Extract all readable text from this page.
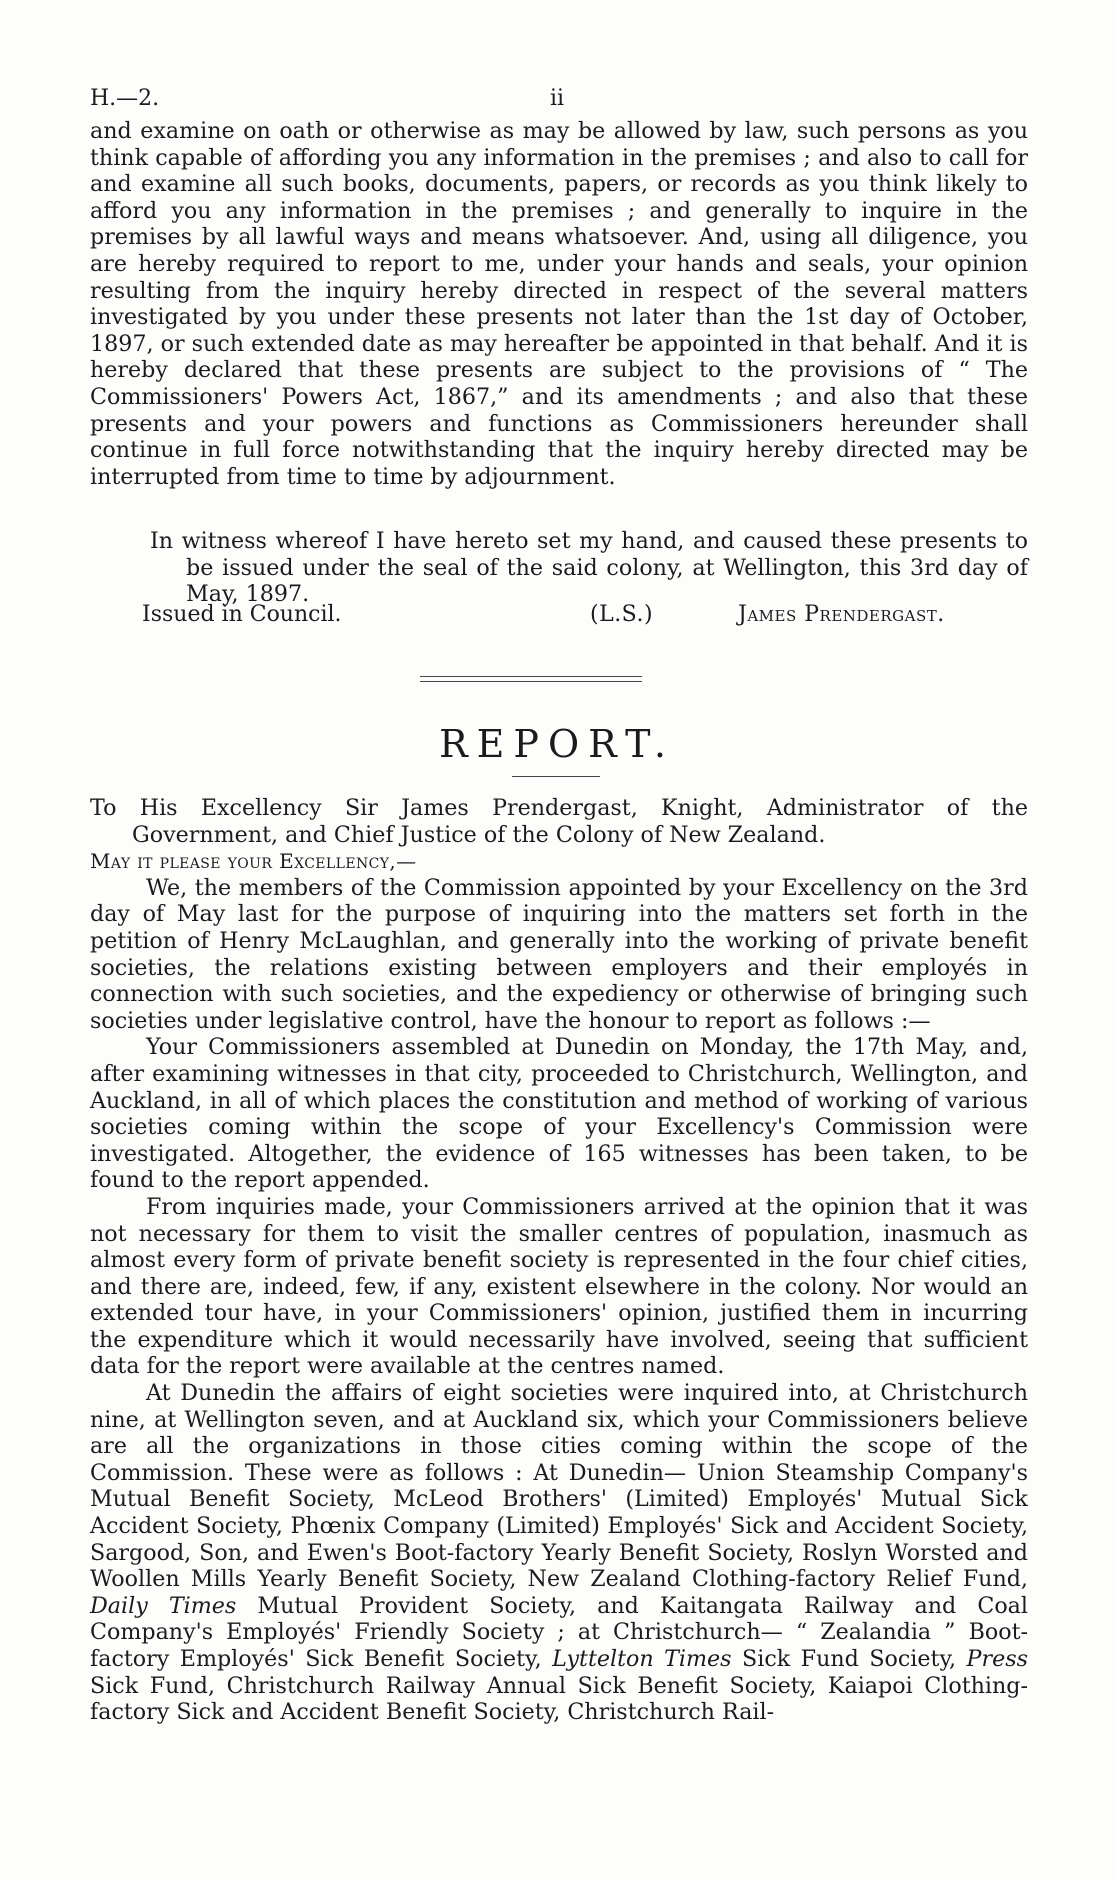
H.—2.	ii

and examine on oath or otherwise as may be allowed by law, such persons as you think capable of affording you any information in the premises ; and also to call for and examine all such books, documents, papers, or records as you think likely to afford you any information in the premises ; and generally to inquire in the premises by all lawful ways and means whatsoever. And, using all diligence, you are hereby required to report to me, under your hands and seals, your opinion resulting from the inquiry hereby directed in respect of the several matters investigated by you under these presents not later than the 1st day of October, 1897, or such extended date as may hereafter be appointed in that behalf. And it is hereby declared that these presents are subject to the provisions of “ The Commissioners' Powers Act, 1867,” and its amendments ; and also that these presents and your powers and functions as Commissioners hereunder shall continue in full force notwithstanding that the inquiry hereby directed may be interrupted from time to time by adjournment.

In witness whereof I have hereto set my hand, and caused these presents to be issued under the seal of the said colony, at Wellington, this 3rd day of May, 1897.

Issued in Council.	(L.S.)	James Prendergast.
REPORT.

To His Excellency Sir James Prendergast, Knight, Administrator of the Government, and Chief Justice of the Colony of New Zealand.

May it please your Excellency,—

We, the members of the Commission appointed by your Excellency on the 3rd day of May last for the purpose of inquiring into the matters set forth in the petition of Henry McLaughlan, and generally into the working of private benefit societies, the relations existing between employers and their employés in connection with such societies, and the expediency or otherwise of bringing such societies under legislative control, have the honour to report as follows :—

Your Commissioners assembled at Dunedin on Monday, the 17th May, and, after examining witnesses in that city, proceeded to Christchurch, Wellington, and Auckland, in all of which places the constitution and method of working of various societies coming within the scope of your Excellency's Commission were investigated. Altogether, the evidence of 165 witnesses has been taken, to be found to the report appended.

From inquiries made, your Commissioners arrived at the opinion that it was not necessary for them to visit the smaller centres of population, inasmuch as almost every form of private benefit society is represented in the four chief cities, and there are, indeed, few, if any, existent elsewhere in the colony. Nor would an extended tour have, in your Commissioners' opinion, justified them in incurring the expenditure which it would necessarily have involved, seeing that sufficient data for the report were available at the centres named.

At Dunedin the affairs of eight societies were inquired into, at Christchurch nine, at Wellington seven, and at Auckland six, which your Commissioners believe are all the organizations in those cities coming within the scope of the Commission. These were as follows : At Dunedin— Union Steamship Company's Mutual Benefit Society, McLeod Brothers' (Limited) Employés' Mutual Sick Accident Society, Phœnix Company (Limited) Employés' Sick and Accident Society, Sargood, Son, and Ewen's Boot-factory Yearly Benefit Society, Roslyn Worsted and Woollen Mills Yearly Benefit Society, New Zealand Clothing-factory Relief Fund, Daily Times Mutual Provident Society, and Kaitangata Railway and Coal Company's Employés' Friendly Society ; at Christchurch— “ Zealandia ” Boot-factory Employés' Sick Benefit Society, Lyttelton Times Sick Fund Society, Press Sick Fund, Christchurch Railway Annual Sick Benefit Society, Kaiapoi Clothing-factory Sick and Accident Benefit Society, Christchurch Rail-
